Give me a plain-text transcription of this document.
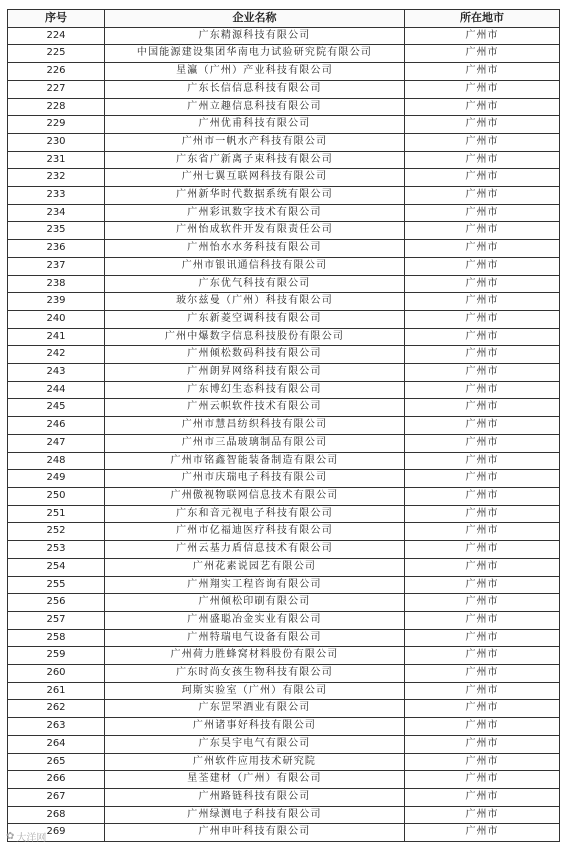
序号	企业名称	所在地市
224	广东精源科技有限公司	广州市
225	中国能源建设集团华南电力试验研究院有限公司	广州市
226	星瀛（广州）产业科技有限公司	广州市
227	广东长信信息科技有限公司	广州市
228	广州立趣信息科技有限公司	广州市
229	广州优甫科技有限公司	广州市
230	广州市一帆水产科技有限公司	广州市
231	广东省广新离子束科技有限公司	广州市
232	广州七翼互联网科技有限公司	广州市
233	广州新华时代数据系统有限公司	广州市
234	广州彩讯数字技术有限公司	广州市
235	广州怡成软件开发有限责任公司	广州市
236	广州怡水水务科技有限公司	广州市
237	广州市银讯通信科技有限公司	广州市
238	广东优气科技有限公司	广州市
239	玻尔兹曼（广州）科技有限公司	广州市
240	广东新菱空调科技有限公司	广州市
241	广州中爆数字信息科技股份有限公司	广州市
242	广州倾松数码科技有限公司	广州市
243	广州朗昇网络科技有限公司	广州市
244	广东博幻生态科技有限公司	广州市
245	广州云帜软件技术有限公司	广州市
246	广州市慧昌纺织科技有限公司	广州市
247	广州市三晶玻璃制品有限公司	广州市
248	广州市铭鑫智能装备制造有限公司	广州市
249	广州市庆瑞电子科技有限公司	广州市
250	广州傲视物联网信息技术有限公司	广州市
251	广东和音元视电子科技有限公司	广州市
252	广州市亿福迪医疗科技有限公司	广州市
253	广州云基力盾信息技术有限公司	广州市
254	广州花素说园艺有限公司	广州市
255	广州翔实工程咨询有限公司	广州市
256	广州倾松印刷有限公司	广州市
257	广州盛聪冶金实业有限公司	广州市
258	广州特瑞电气设备有限公司	广州市
259	广州荷力胜蜂窝材料股份有限公司	广州市
260	广东时尚女孩生物科技有限公司	广州市
261	珂斯实验室（广州）有限公司	广州市
262	广东罡罘酒业有限公司	广州市
263	广州诸事好科技有限公司	广州市
264	广东昊宇电气有限公司	广州市
265	广州软件应用技术研究院	广州市
266	星荃建材（广州）有限公司	广州市
267	广州路链科技有限公司	广州市
268	广州绿测电子科技有限公司	广州市
269	广州申叶科技有限公司	广州市
✿ 大洋网
